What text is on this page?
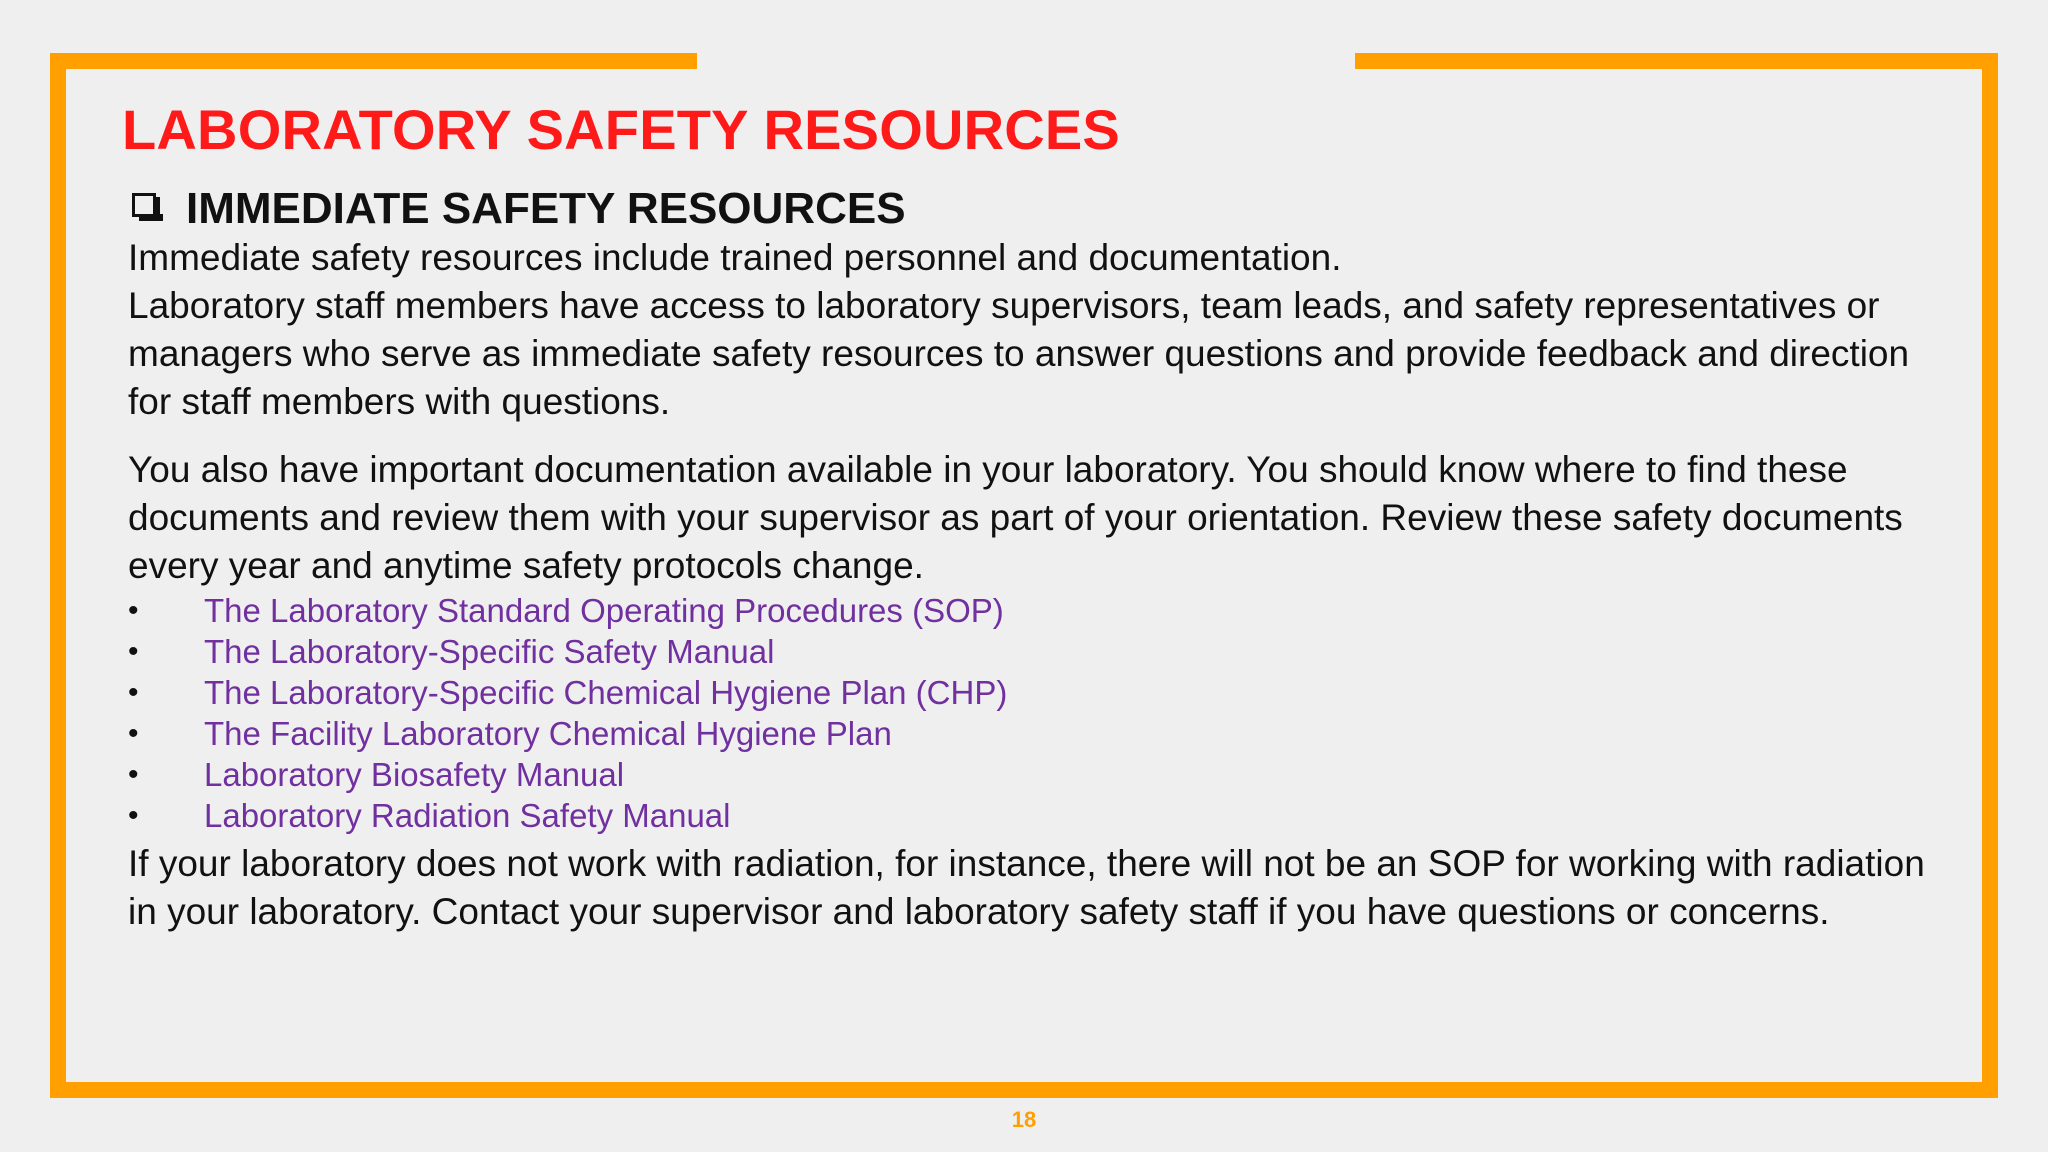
LABORATORY SAFETY RESOURCES
IMMEDIATE SAFETY RESOURCES

Immediate safety resources include trained personnel and documentation.
Laboratory staff members have access to laboratory supervisors, team leads, and safety representatives or managers who serve as immediate safety resources to answer questions and provide feedback and direction for staff members with questions.

You also have important documentation available in your laboratory. You should know where to find these documents and review them with your supervisor as part of your orientation. Review these safety documents every year and anytime safety protocols change.

•	The Laboratory Standard Operating Procedures (SOP)
•	The Laboratory-Specific Safety Manual
•	The Laboratory-Specific Chemical Hygiene Plan (CHP)
•	The Facility Laboratory Chemical Hygiene Plan
•	Laboratory Biosafety Manual
•	Laboratory Radiation Safety Manual

If your laboratory does not work with radiation, for instance, there will not be an SOP for working with radiation in your laboratory. Contact your supervisor and laboratory safety staff if you have questions or concerns.

18
